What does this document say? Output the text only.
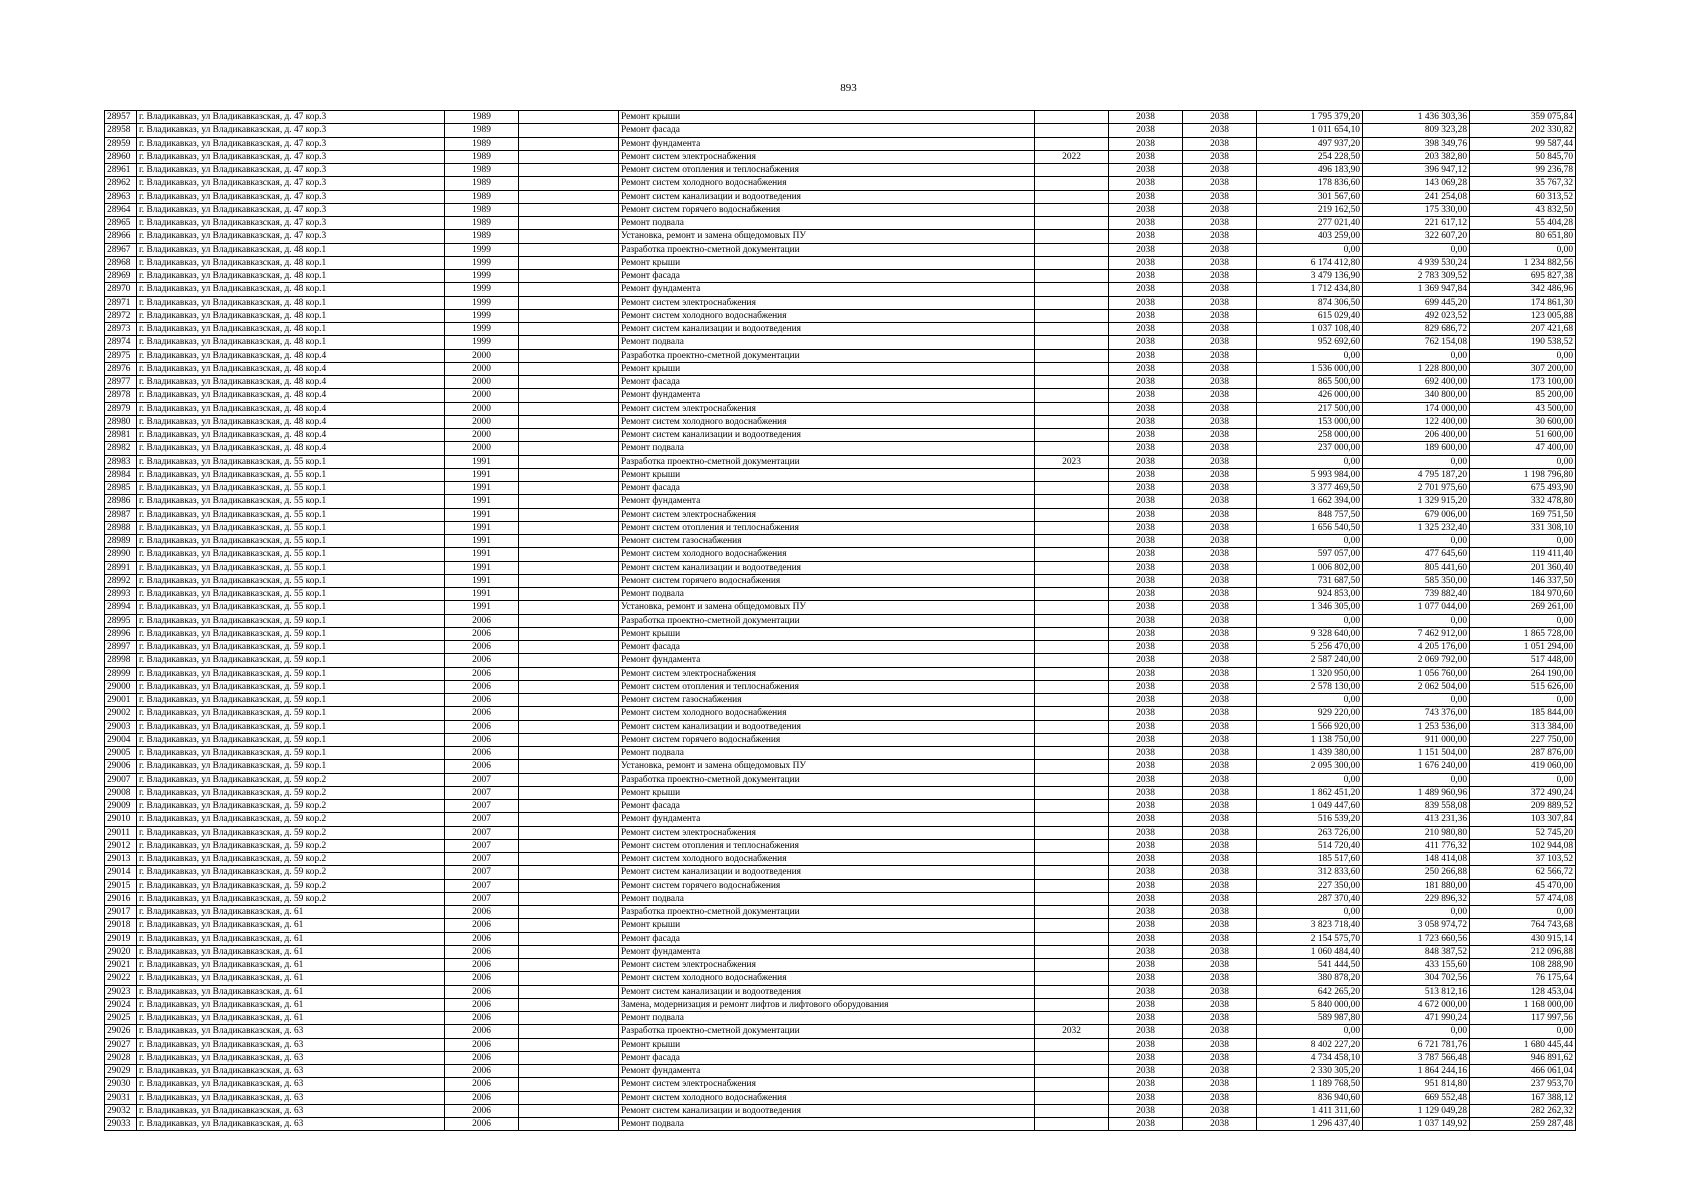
893
28957	г. Владикавказ, ул Владикавказская, д. 47 кор.3	1989		Ремонт крыши		2038	2038	1 795 379,20	1 436 303,36	359 075,84
28958	г. Владикавказ, ул Владикавказская, д. 47 кор.3	1989		Ремонт фасада		2038	2038	1 011 654,10	809 323,28	202 330,82
28959	г. Владикавказ, ул Владикавказская, д. 47 кор.3	1989		Ремонт фундамента		2038	2038	497 937,20	398 349,76	99 587,44
28960	г. Владикавказ, ул Владикавказская, д. 47 кор.3	1989		Ремонт систем электроснабжения	2022	2038	2038	254 228,50	203 382,80	50 845,70
28961	г. Владикавказ, ул Владикавказская, д. 47 кор.3	1989		Ремонт систем отопления и теплоснабжения		2038	2038	496 183,90	396 947,12	99 236,78
28962	г. Владикавказ, ул Владикавказская, д. 47 кор.3	1989		Ремонт систем холодного водоснабжения		2038	2038	178 836,60	143 069,28	35 767,32
28963	г. Владикавказ, ул Владикавказская, д. 47 кор.3	1989		Ремонт систем канализации и водоотведения		2038	2038	301 567,60	241 254,08	60 313,52
28964	г. Владикавказ, ул Владикавказская, д. 47 кор.3	1989		Ремонт систем горячего водоснабжения		2038	2038	219 162,50	175 330,00	43 832,50
28965	г. Владикавказ, ул Владикавказская, д. 47 кор.3	1989		Ремонт подвала		2038	2038	277 021,40	221 617,12	55 404,28
28966	г. Владикавказ, ул Владикавказская, д. 47 кор.3	1989		Установка, ремонт и замена общедомовых ПУ		2038	2038	403 259,00	322 607,20	80 651,80
28967	г. Владикавказ, ул Владикавказская, д. 48 кор.1	1999		Разработка проектно-сметной документации		2038	2038	0,00	0,00	0,00
28968	г. Владикавказ, ул Владикавказская, д. 48 кор.1	1999		Ремонт крыши		2038	2038	6 174 412,80	4 939 530,24	1 234 882,56
28969	г. Владикавказ, ул Владикавказская, д. 48 кор.1	1999		Ремонт фасада		2038	2038	3 479 136,90	2 783 309,52	695 827,38
28970	г. Владикавказ, ул Владикавказская, д. 48 кор.1	1999		Ремонт фундамента		2038	2038	1 712 434,80	1 369 947,84	342 486,96
28971	г. Владикавказ, ул Владикавказская, д. 48 кор.1	1999		Ремонт систем электроснабжения		2038	2038	874 306,50	699 445,20	174 861,30
28972	г. Владикавказ, ул Владикавказская, д. 48 кор.1	1999		Ремонт систем холодного водоснабжения		2038	2038	615 029,40	492 023,52	123 005,88
28973	г. Владикавказ, ул Владикавказская, д. 48 кор.1	1999		Ремонт систем канализации и водоотведения		2038	2038	1 037 108,40	829 686,72	207 421,68
28974	г. Владикавказ, ул Владикавказская, д. 48 кор.1	1999		Ремонт подвала		2038	2038	952 692,60	762 154,08	190 538,52
28975	г. Владикавказ, ул Владикавказская, д. 48 кор.4	2000		Разработка проектно-сметной документации		2038	2038	0,00	0,00	0,00
28976	г. Владикавказ, ул Владикавказская, д. 48 кор.4	2000		Ремонт крыши		2038	2038	1 536 000,00	1 228 800,00	307 200,00
28977	г. Владикавказ, ул Владикавказская, д. 48 кор.4	2000		Ремонт фасада		2038	2038	865 500,00	692 400,00	173 100,00
28978	г. Владикавказ, ул Владикавказская, д. 48 кор.4	2000		Ремонт фундамента		2038	2038	426 000,00	340 800,00	85 200,00
28979	г. Владикавказ, ул Владикавказская, д. 48 кор.4	2000		Ремонт систем электроснабжения		2038	2038	217 500,00	174 000,00	43 500,00
28980	г. Владикавказ, ул Владикавказская, д. 48 кор.4	2000		Ремонт систем холодного водоснабжения		2038	2038	153 000,00	122 400,00	30 600,00
28981	г. Владикавказ, ул Владикавказская, д. 48 кор.4	2000		Ремонт систем канализации и водоотведения		2038	2038	258 000,00	206 400,00	51 600,00
28982	г. Владикавказ, ул Владикавказская, д. 48 кор.4	2000		Ремонт подвала		2038	2038	237 000,00	189 600,00	47 400,00
28983	г. Владикавказ, ул Владикавказская, д. 55 кор.1	1991		Разработка проектно-сметной документации	2023	2038	2038	0,00	0,00	0,00
28984	г. Владикавказ, ул Владикавказская, д. 55 кор.1	1991		Ремонт крыши		2038	2038	5 993 984,00	4 795 187,20	1 198 796,80
28985	г. Владикавказ, ул Владикавказская, д. 55 кор.1	1991		Ремонт фасада		2038	2038	3 377 469,50	2 701 975,60	675 493,90
28986	г. Владикавказ, ул Владикавказская, д. 55 кор.1	1991		Ремонт фундамента		2038	2038	1 662 394,00	1 329 915,20	332 478,80
28987	г. Владикавказ, ул Владикавказская, д. 55 кор.1	1991		Ремонт систем электроснабжения		2038	2038	848 757,50	679 006,00	169 751,50
28988	г. Владикавказ, ул Владикавказская, д. 55 кор.1	1991		Ремонт систем отопления и теплоснабжения		2038	2038	1 656 540,50	1 325 232,40	331 308,10
28989	г. Владикавказ, ул Владикавказская, д. 55 кор.1	1991		Ремонт систем газоснабжения		2038	2038	0,00	0,00	0,00
28990	г. Владикавказ, ул Владикавказская, д. 55 кор.1	1991		Ремонт систем холодного водоснабжения		2038	2038	597 057,00	477 645,60	119 411,40
28991	г. Владикавказ, ул Владикавказская, д. 55 кор.1	1991		Ремонт систем канализации и водоотведения		2038	2038	1 006 802,00	805 441,60	201 360,40
28992	г. Владикавказ, ул Владикавказская, д. 55 кор.1	1991		Ремонт систем горячего водоснабжения		2038	2038	731 687,50	585 350,00	146 337,50
28993	г. Владикавказ, ул Владикавказская, д. 55 кор.1	1991		Ремонт подвала		2038	2038	924 853,00	739 882,40	184 970,60
28994	г. Владикавказ, ул Владикавказская, д. 55 кор.1	1991		Установка, ремонт и замена общедомовых ПУ		2038	2038	1 346 305,00	1 077 044,00	269 261,00
28995	г. Владикавказ, ул Владикавказская, д. 59 кор.1	2006		Разработка проектно-сметной документации		2038	2038	0,00	0,00	0,00
28996	г. Владикавказ, ул Владикавказская, д. 59 кор.1	2006		Ремонт крыши		2038	2038	9 328 640,00	7 462 912,00	1 865 728,00
28997	г. Владикавказ, ул Владикавказская, д. 59 кор.1	2006		Ремонт фасада		2038	2038	5 256 470,00	4 205 176,00	1 051 294,00
28998	г. Владикавказ, ул Владикавказская, д. 59 кор.1	2006		Ремонт фундамента		2038	2038	2 587 240,00	2 069 792,00	517 448,00
28999	г. Владикавказ, ул Владикавказская, д. 59 кор.1	2006		Ремонт систем электроснабжения		2038	2038	1 320 950,00	1 056 760,00	264 190,00
29000	г. Владикавказ, ул Владикавказская, д. 59 кор.1	2006		Ремонт систем отопления и теплоснабжения		2038	2038	2 578 130,00	2 062 504,00	515 626,00
29001	г. Владикавказ, ул Владикавказская, д. 59 кор.1	2006		Ремонт систем газоснабжения		2038	2038	0,00	0,00	0,00
29002	г. Владикавказ, ул Владикавказская, д. 59 кор.1	2006		Ремонт систем холодного водоснабжения		2038	2038	929 220,00	743 376,00	185 844,00
29003	г. Владикавказ, ул Владикавказская, д. 59 кор.1	2006		Ремонт систем канализации и водоотведения		2038	2038	1 566 920,00	1 253 536,00	313 384,00
29004	г. Владикавказ, ул Владикавказская, д. 59 кор.1	2006		Ремонт систем горячего водоснабжения		2038	2038	1 138 750,00	911 000,00	227 750,00
29005	г. Владикавказ, ул Владикавказская, д. 59 кор.1	2006		Ремонт подвала		2038	2038	1 439 380,00	1 151 504,00	287 876,00
29006	г. Владикавказ, ул Владикавказская, д. 59 кор.1	2006		Установка, ремонт и замена общедомовых ПУ		2038	2038	2 095 300,00	1 676 240,00	419 060,00
29007	г. Владикавказ, ул Владикавказская, д. 59 кор.2	2007		Разработка проектно-сметной документации		2038	2038	0,00	0,00	0,00
29008	г. Владикавказ, ул Владикавказская, д. 59 кор.2	2007		Ремонт крыши		2038	2038	1 862 451,20	1 489 960,96	372 490,24
29009	г. Владикавказ, ул Владикавказская, д. 59 кор.2	2007		Ремонт фасада		2038	2038	1 049 447,60	839 558,08	209 889,52
29010	г. Владикавказ, ул Владикавказская, д. 59 кор.2	2007		Ремонт фундамента		2038	2038	516 539,20	413 231,36	103 307,84
29011	г. Владикавказ, ул Владикавказская, д. 59 кор.2	2007		Ремонт систем электроснабжения		2038	2038	263 726,00	210 980,80	52 745,20
29012	г. Владикавказ, ул Владикавказская, д. 59 кор.2	2007		Ремонт систем отопления и теплоснабжения		2038	2038	514 720,40	411 776,32	102 944,08
29013	г. Владикавказ, ул Владикавказская, д. 59 кор.2	2007		Ремонт систем холодного водоснабжения		2038	2038	185 517,60	148 414,08	37 103,52
29014	г. Владикавказ, ул Владикавказская, д. 59 кор.2	2007		Ремонт систем канализации и водоотведения		2038	2038	312 833,60	250 266,88	62 566,72
29015	г. Владикавказ, ул Владикавказская, д. 59 кор.2	2007		Ремонт систем горячего водоснабжения		2038	2038	227 350,00	181 880,00	45 470,00
29016	г. Владикавказ, ул Владикавказская, д. 59 кор.2	2007		Ремонт подвала		2038	2038	287 370,40	229 896,32	57 474,08
29017	г. Владикавказ, ул Владикавказская, д. 61	2006		Разработка проектно-сметной документации		2038	2038	0,00	0,00	0,00
29018	г. Владикавказ, ул Владикавказская, д. 61	2006		Ремонт крыши		2038	2038	3 823 718,40	3 058 974,72	764 743,68
29019	г. Владикавказ, ул Владикавказская, д. 61	2006		Ремонт фасада		2038	2038	2 154 575,70	1 723 660,56	430 915,14
29020	г. Владикавказ, ул Владикавказская, д. 61	2006		Ремонт фундамента		2038	2038	1 060 484,40	848 387,52	212 096,88
29021	г. Владикавказ, ул Владикавказская, д. 61	2006		Ремонт систем электроснабжения		2038	2038	541 444,50	433 155,60	108 288,90
29022	г. Владикавказ, ул Владикавказская, д. 61	2006		Ремонт систем холодного водоснабжения		2038	2038	380 878,20	304 702,56	76 175,64
29023	г. Владикавказ, ул Владикавказская, д. 61	2006		Ремонт систем канализации и водоотведения		2038	2038	642 265,20	513 812,16	128 453,04
29024	г. Владикавказ, ул Владикавказская, д. 61	2006		Замена, модернизация и ремонт лифтов и лифтового оборудования		2038	2038	5 840 000,00	4 672 000,00	1 168 000,00
29025	г. Владикавказ, ул Владикавказская, д. 61	2006		Ремонт подвала		2038	2038	589 987,80	471 990,24	117 997,56
29026	г. Владикавказ, ул Владикавказская, д. 63	2006		Разработка проектно-сметной документации	2032	2038	2038	0,00	0,00	0,00
29027	г. Владикавказ, ул Владикавказская, д. 63	2006		Ремонт крыши		2038	2038	8 402 227,20	6 721 781,76	1 680 445,44
29028	г. Владикавказ, ул Владикавказская, д. 63	2006		Ремонт фасада		2038	2038	4 734 458,10	3 787 566,48	946 891,62
29029	г. Владикавказ, ул Владикавказская, д. 63	2006		Ремонт фундамента		2038	2038	2 330 305,20	1 864 244,16	466 061,04
29030	г. Владикавказ, ул Владикавказская, д. 63	2006		Ремонт систем электроснабжения		2038	2038	1 189 768,50	951 814,80	237 953,70
29031	г. Владикавказ, ул Владикавказская, д. 63	2006		Ремонт систем холодного водоснабжения		2038	2038	836 940,60	669 552,48	167 388,12
29032	г. Владикавказ, ул Владикавказская, д. 63	2006		Ремонт систем канализации и водоотведения		2038	2038	1 411 311,60	1 129 049,28	282 262,32
29033	г. Владикавказ, ул Владикавказская, д. 63	2006		Ремонт подвала		2038	2038	1 296 437,40	1 037 149,92	259 287,48
